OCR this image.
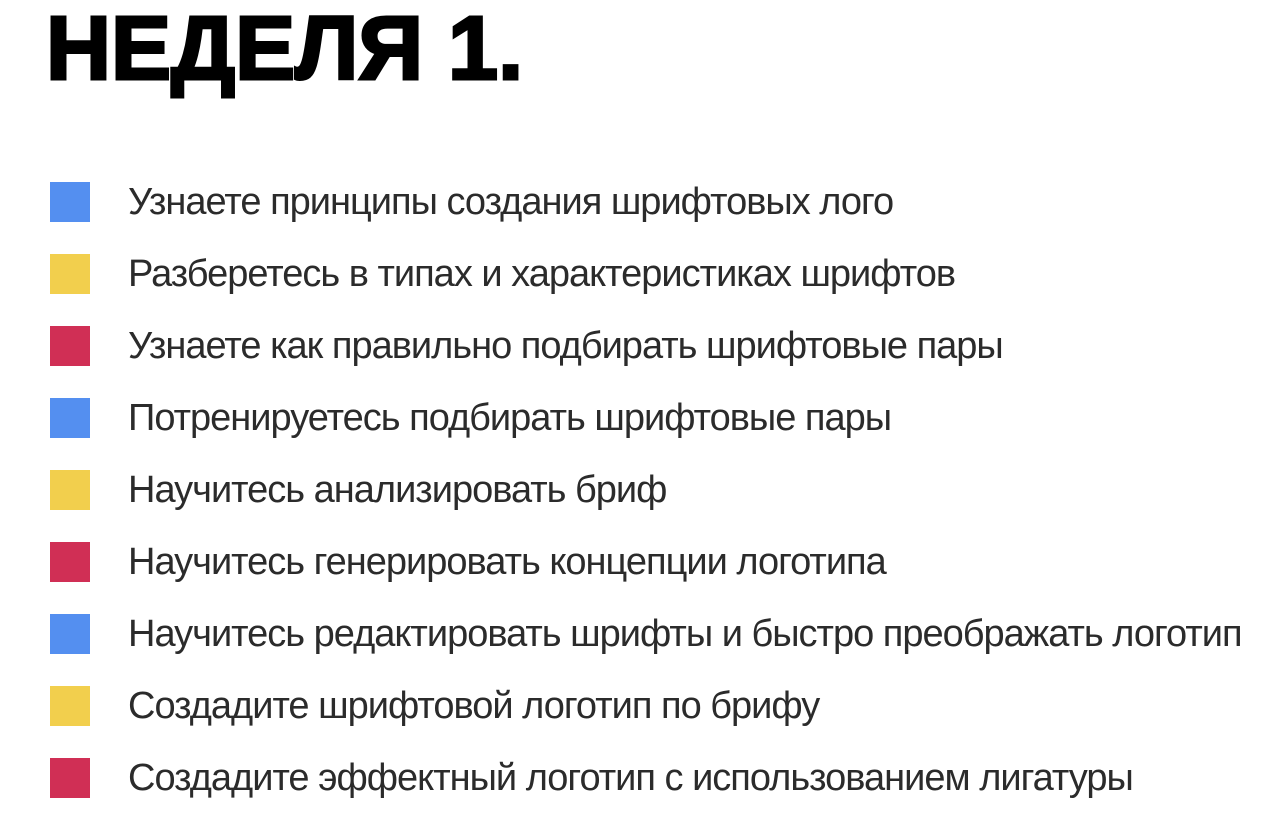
НЕДЕЛЯ 1.
Узнаете принципы создания шрифтовых лого
Разберетесь в типах и характеристиках шрифтов
Узнаете как правильно подбирать шрифтовые пары
Потренируетесь подбирать шрифтовые пары
Научитесь анализировать бриф
Научитесь генерировать концепции логотипа
Научитесь редактировать шрифты и быстро преображать логотип
Создадите шрифтовой логотип по брифу
Создадите эффектный логотип с использованием лигатуры
